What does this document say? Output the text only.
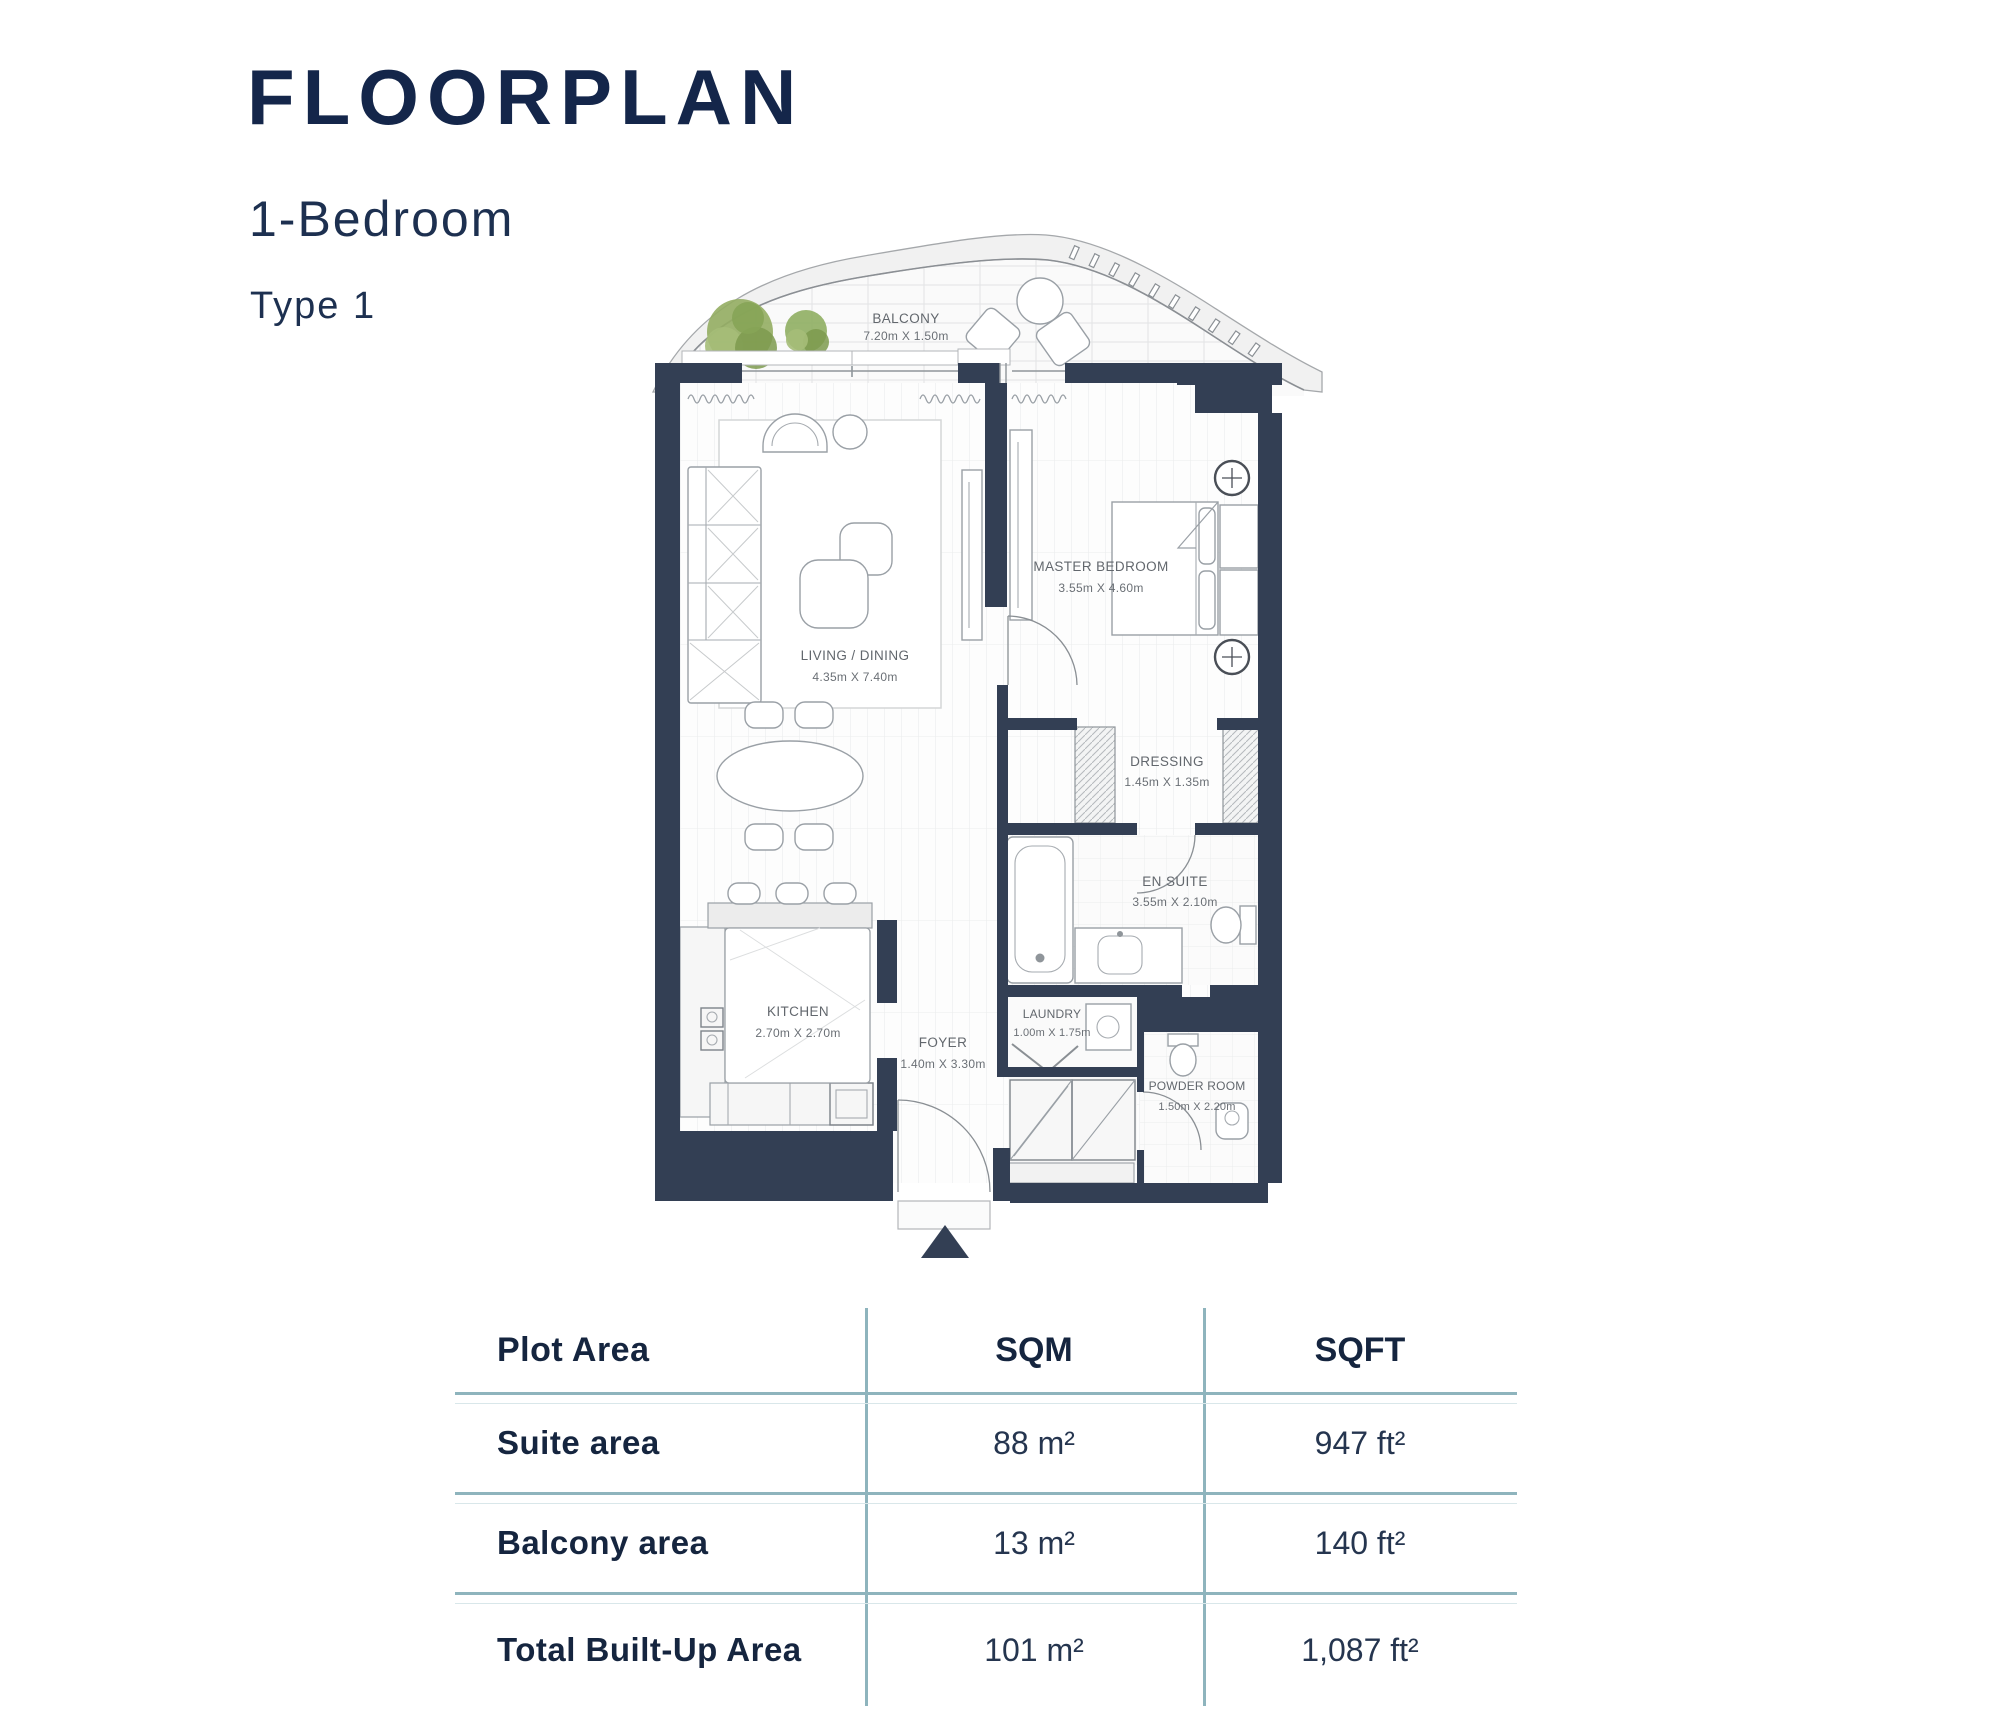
FLOORPLAN
1-Bedroom
Type 1	BALCONY
7.20m X 1.50m
LIVING / DINING
4.35m X 7.40m
MASTER BEDROOM
3.55m X 4.60m
DRESSING
1.45m X 1.35m
EN SUITE
3.55m X 2.10m
KITCHEN
2.70m X 2.70m
FOYER
1.40m X 3.30m
LAUNDRY
1.00m X 1.75m
POWDER ROOM
1.50m X 2.20m
Plot Area	SQM	SQFT
Suite area	88 m²	947 ft²
Balcony area	13 m²	140 ft²
Total Built-Up Area	101 m²	1,087 ft²
